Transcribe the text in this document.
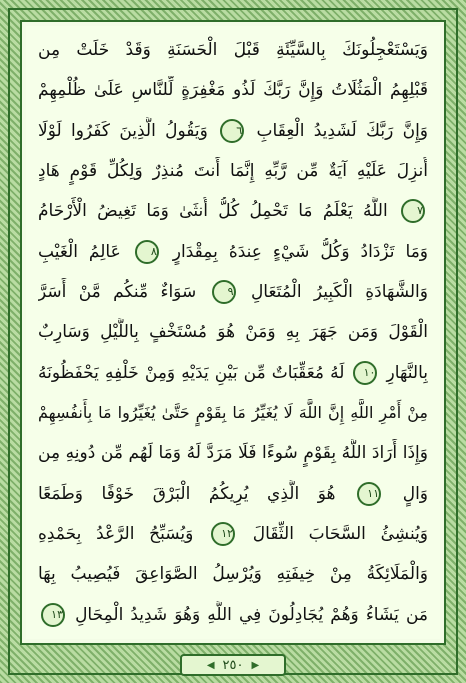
وَيَسْتَعْجِلُونَكَ بِالسَّيِّئَةِ قَبْلَ الْحَسَنَةِ وَقَدْ خَلَتْ مِن
قَبْلِهِمُ الْمَثُلَاتُ وَإِنَّ رَبَّكَ لَذُو مَغْفِرَةٍ لِّلنَّاسِ عَلَىٰ ظُلْمِهِمْ
وَإِنَّ رَبَّكَ لَشَدِيدُ الْعِقَابِ ٦ وَيَقُولُ الَّذِينَ كَفَرُوا لَوْلَا
أُنزِلَ عَلَيْهِ آيَةٌ مِّن رَّبِّهِ إِنَّمَا أَنتَ مُنذِرٌ وَلِكُلِّ قَوْمٍ هَادٍ
٧ اللَّهُ يَعْلَمُ مَا تَحْمِلُ كُلُّ أُنثَىٰ وَمَا تَغِيضُ الْأَرْحَامُ
وَمَا تَزْدَادُ وَكُلُّ شَيْءٍ عِندَهُ بِمِقْدَارٍ ٨ عَالِمُ الْغَيْبِ
وَالشَّهَادَةِ الْكَبِيرُ الْمُتَعَالِ ٩ سَوَاءٌ مِّنكُم مَّنْ أَسَرَّ
الْقَوْلَ وَمَن جَهَرَ بِهِ وَمَنْ هُوَ مُسْتَخْفٍ بِاللَّيْلِ وَسَارِبٌ
بِالنَّهَارِ ١٠ لَهُ مُعَقِّبَاتٌ مِّن بَيْنِ يَدَيْهِ وَمِنْ خَلْفِهِ يَحْفَظُونَهُ
مِنْ أَمْرِ اللَّهِ إِنَّ اللَّهَ لَا يُغَيِّرُ مَا بِقَوْمٍ حَتَّىٰ يُغَيِّرُوا مَا بِأَنفُسِهِمْ
وَإِذَا أَرَادَ اللَّهُ بِقَوْمٍ سُوءًا فَلَا مَرَدَّ لَهُ وَمَا لَهُم مِّن دُونِهِ مِن
وَالٍ ١١ هُوَ الَّذِي يُرِيكُمُ الْبَرْقَ خَوْفًا وَطَمَعًا
وَيُنشِئُ السَّحَابَ الثِّقَالَ ١٢ وَيُسَبِّحُ الرَّعْدُ بِحَمْدِهِ
وَالْمَلَائِكَةُ مِنْ خِيفَتِهِ وَيُرْسِلُ الصَّوَاعِقَ فَيُصِيبُ بِهَا
مَن يَشَاءُ وَهُمْ يُجَادِلُونَ فِي اللَّهِ وَهُوَ شَدِيدُ الْمِحَالِ ١٣
◀ ٢٥٠ ▶
